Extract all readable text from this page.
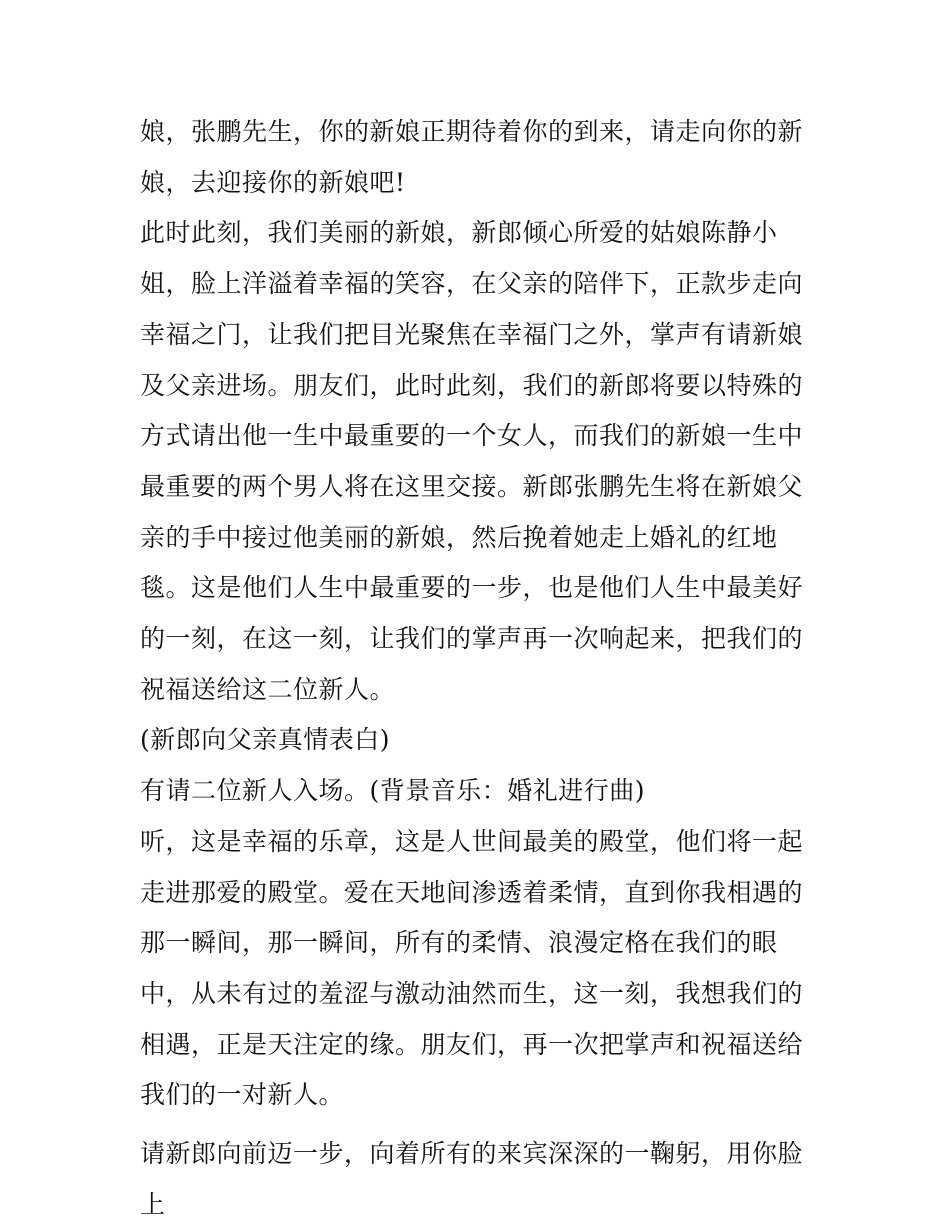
娘，张鹏先生，你的新娘正期待着你的到来，请走向你的新娘，去迎接你的新娘吧!

此时此刻，我们美丽的新娘，新郎倾心所爱的姑娘陈静小姐，脸上洋溢着幸福的笑容，在父亲的陪伴下，正款步走向幸福之门，让我们把目光聚焦在幸福门之外，掌声有请新娘及父亲进场。朋友们，此时此刻，我们的新郎将要以特殊的方式请出他一生中最重要的一个女人，而我们的新娘一生中最重要的两个男人将在这里交接。新郎张鹏先生将在新娘父亲的手中接过他美丽的新娘，然后挽着她走上婚礼的红地毯。这是他们人生中最重要的一步，也是他们人生中最美好的一刻，在这一刻，让我们的掌声再一次响起来，把我们的祝福送给这二位新人。

(新郎向父亲真情表白)

有请二位新人入场。(背景音乐：婚礼进行曲)

听，这是幸福的乐章，这是人世间最美的殿堂，他们将一起走进那爱的殿堂。爱在天地间渗透着柔情，直到你我相遇的那一瞬间，那一瞬间，所有的柔情、浪漫定格在我们的眼中，从未有过的羞涩与激动油然而生，这一刻，我想我们的相遇，正是天注定的缘。朋友们，再一次把掌声和祝福送给我们的一对新人。

请新郎向前迈一步，向着所有的来宾深深的一鞠躬，用你脸上
